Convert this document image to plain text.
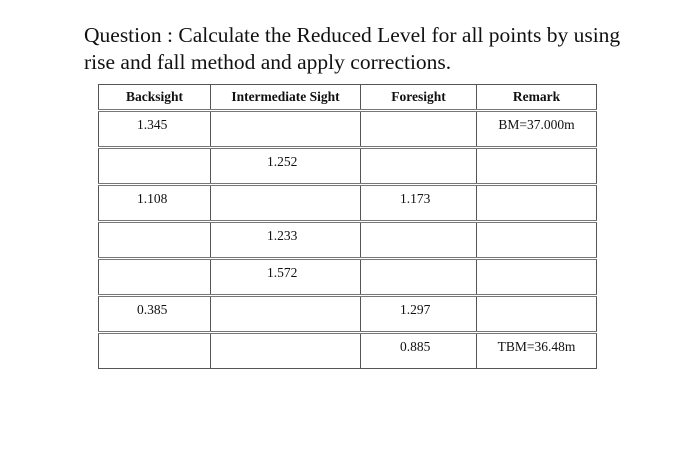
Question : Calculate the Reduced Level for all points by using
rise and fall method and apply corrections.
Backsight	Intermediate Sight	Foresight	Remark
1.345			BM=37.000m
	1.252		
1.108		1.173	
	1.233		
	1.572		
0.385		1.297	
		0.885	TBM=36.48m
